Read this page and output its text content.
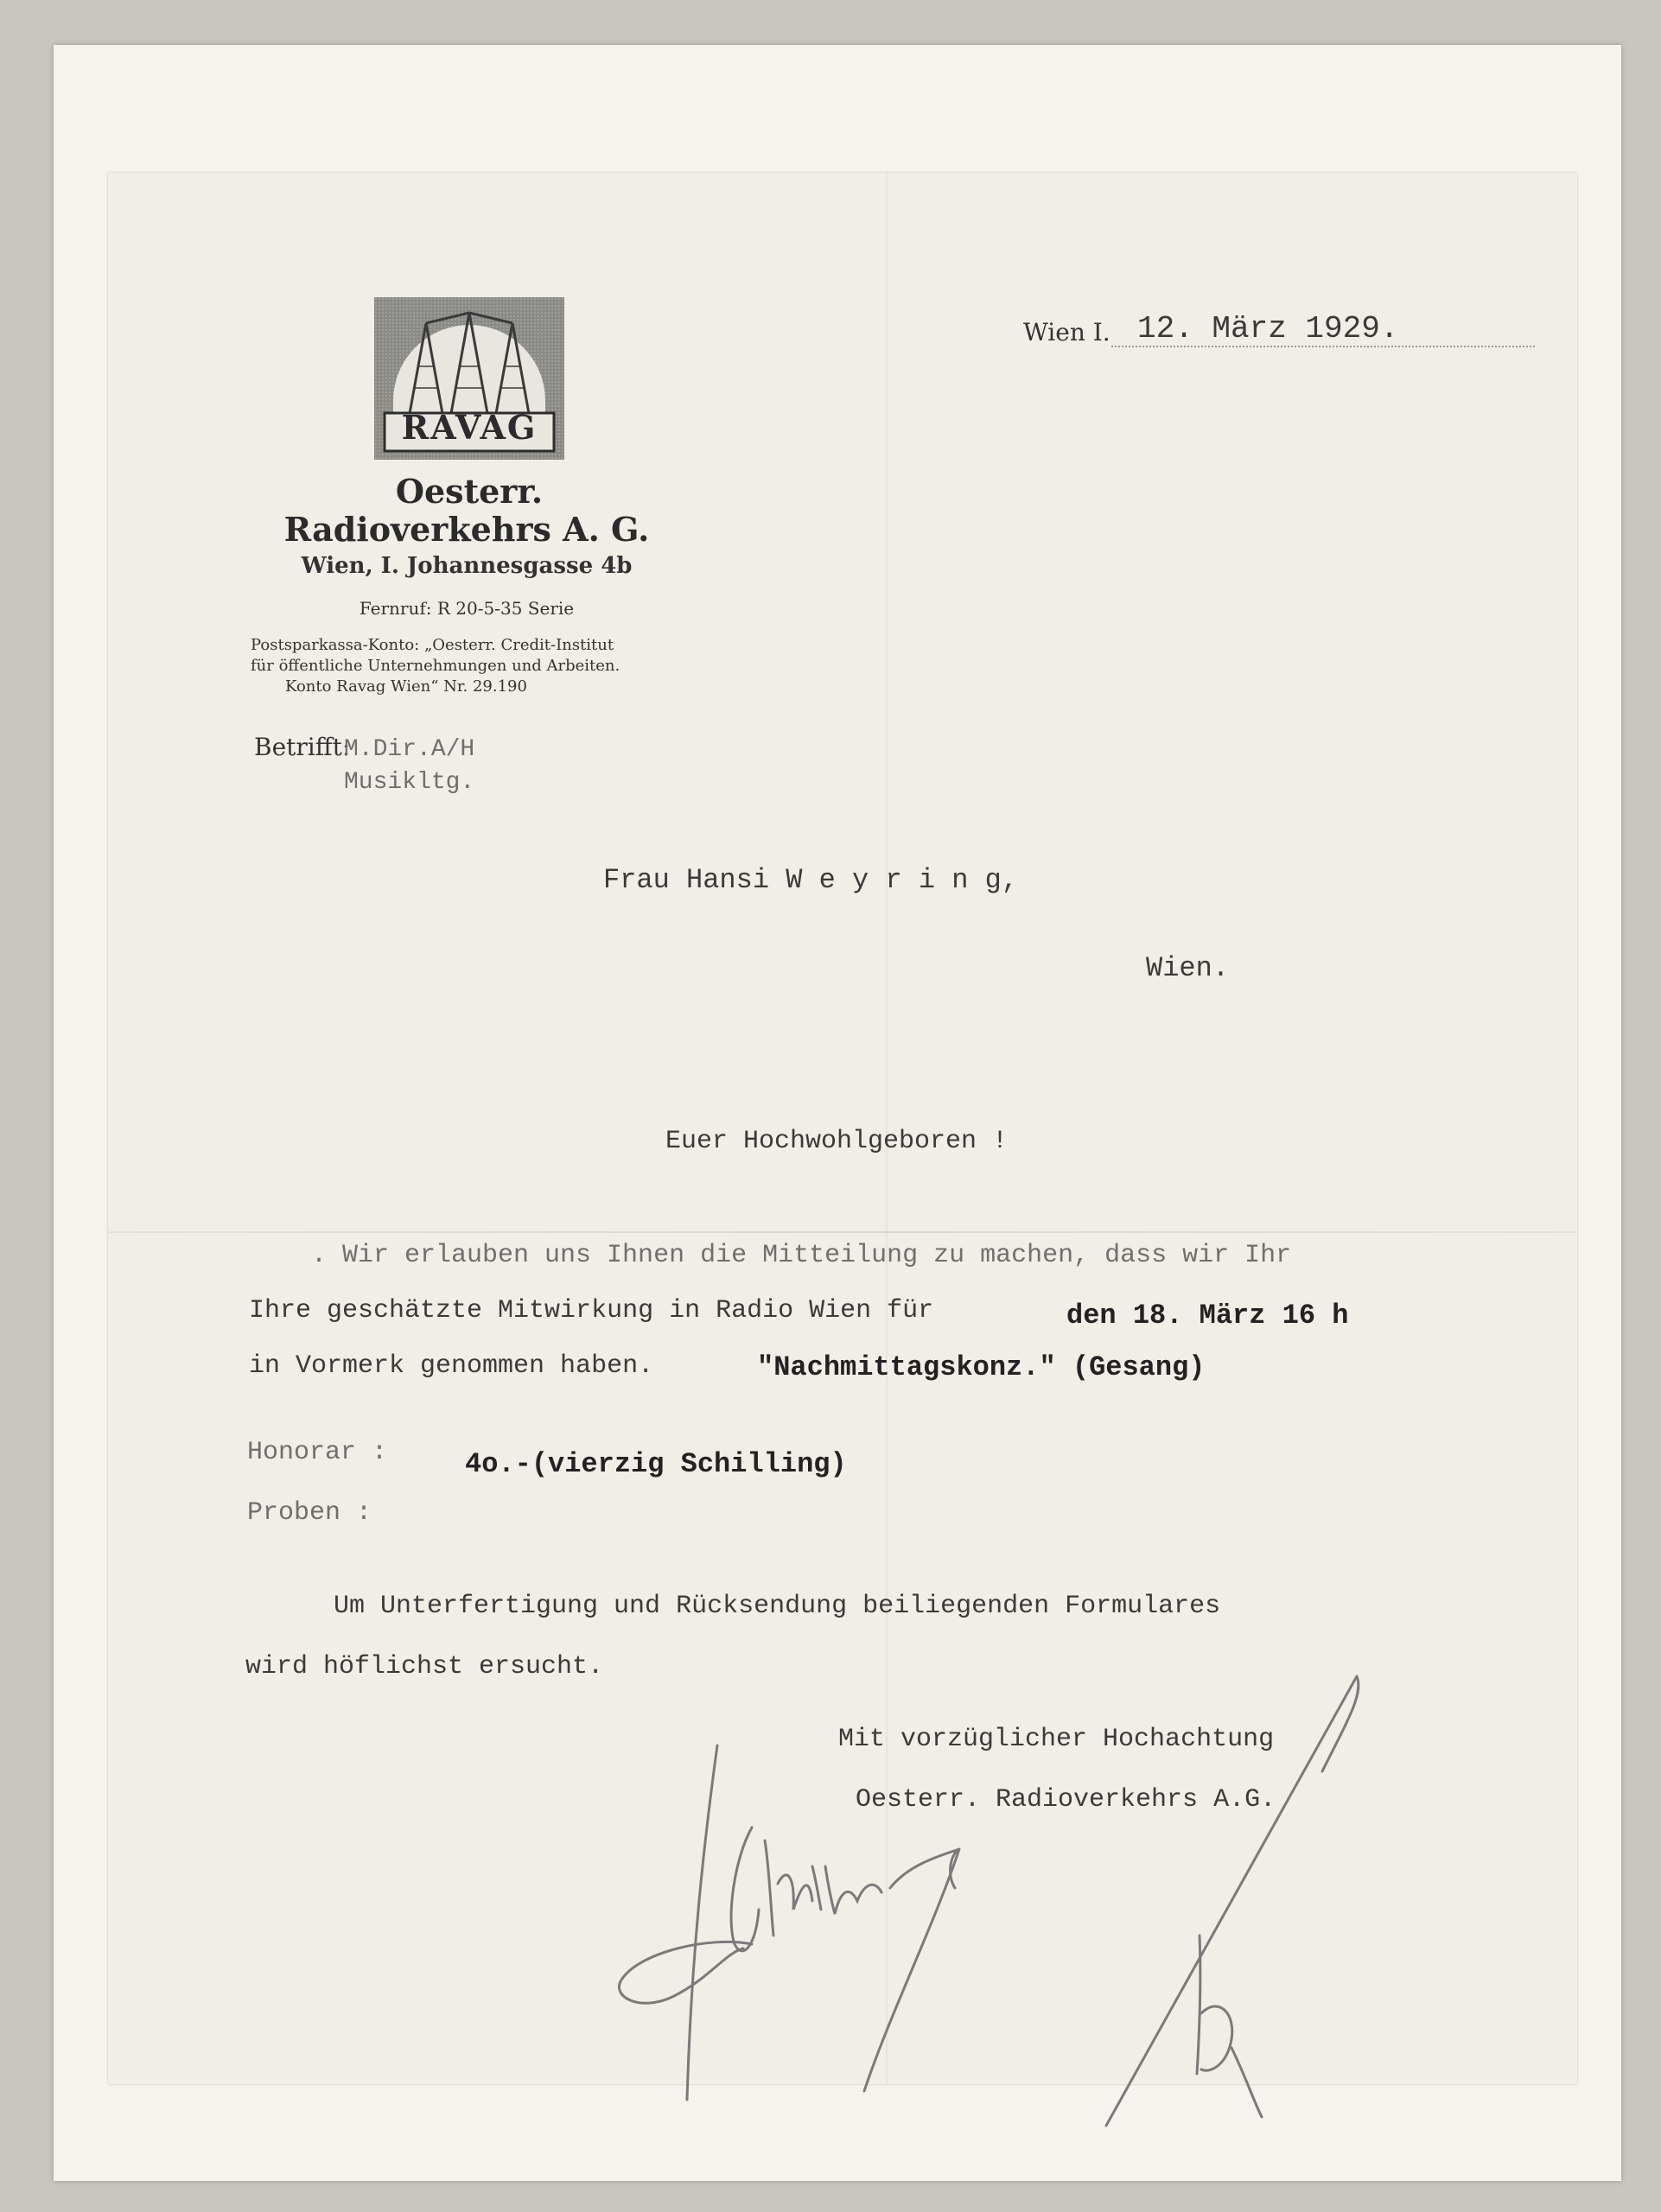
RAVAG
Oesterr.
Radioverkehrs A. G.
Wien, I. Johannesgasse 4b
Fernruf: R 20-5-35 Serie
Postsparkassa-Konto: „Oesterr. Credit-Institut
für öffentliche Unternehmungen und Arbeiten.
Konto Ravag Wien“ Nr. 29.190
Wien I. 12. März 1929.
Betrifft:
M.Dir.A/H
Musikltg.
Frau Hansi W e y r i n g,
Wien.
Euer Hochwohlgeboren !
. Wir erlauben uns Ihnen die Mitteilung zu machen, dass wir Ihr
Ihre geschätzte Mitwirkung in Radio Wien für	den 18. März 16 h
in Vormerk genommen haben.	"Nachmittagskonz." (Gesang)
Honorar :	4o.-(vierzig Schilling)
Proben :
Um Unterfertigung und Rücksendung beiliegenden Formulares
wird höflichst ersucht.
Mit vorzüglicher Hochachtung
Oesterr. Radioverkehrs A.G.
